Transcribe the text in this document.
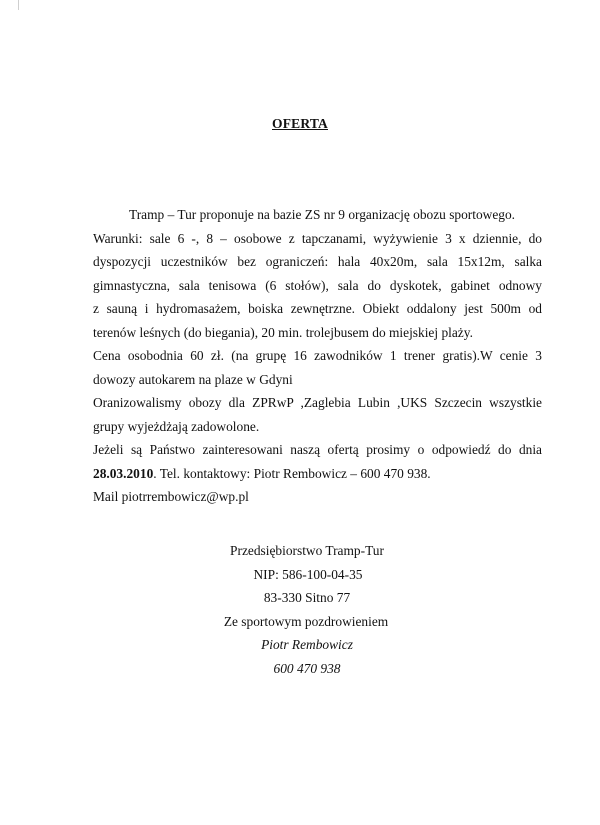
OFERTA
Tramp – Tur proponuje na bazie ZS nr 9 organizację obozu sportowego.
Warunki: sale 6 -, 8 – osobowe z tapczanami, wyżywienie 3 x dziennie, do
dyspozycji uczestników bez ograniczeń: hala 40x20m, sala 15x12m, salka
gimnastyczna, sala tenisowa (6 stołów), sala do dyskotek, gabinet odnowy
z sauną i hydromasażem, boiska zewnętrzne. Obiekt oddalony jest 500m od
terenów leśnych (do biegania), 20 min. trolejbusem do miejskiej plaży.
Cena osobodnia 60 zł. (na grupę 16 zawodników 1 trener gratis).W cenie 3
dowozy autokarem na plaze w Gdyni
Oranizowalismy obozy dla ZPRwP ,Zaglebia Lubin ,UKS Szczecin wszystkie
grupy wyjeżdżają zadowolone.
Jeżeli są Państwo zainteresowani naszą ofertą prosimy o odpowiedź do dnia
28.03.2010. Tel. kontaktowy: Piotr Rembowicz – 600 470 938.
Mail piotrrembowicz@wp.pl
Przedsiębiorstwo Tramp-Tur
NIP: 586-100-04-35
83-330 Sitno 77
Ze sportowym pozdrowieniem
Piotr Rembowicz
600 470 938
